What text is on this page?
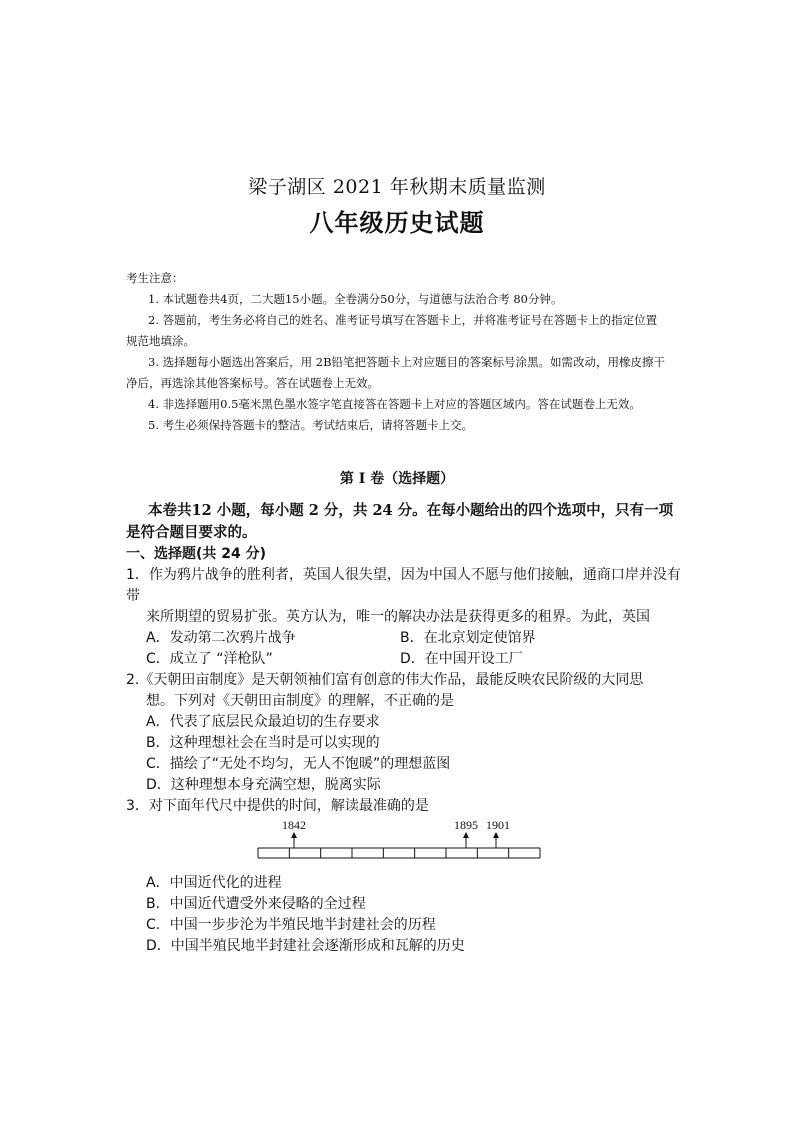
梁子湖区 2021 年秋期末质量监测
八年级历史试题

考生注意：

1. 本试题卷共4页，二大题15小题。全卷满分50分，与道德与法治合考 80分钟。

2. 答题前，考生务必将自己的姓名、准考证号填写在答题卡上，并将准考证号在答题卡上的指定位置规范地填涂。

3. 选择题每小题选出答案后，用 2B铅笔把答题卡上对应题目的答案标号涂黑。如需改动，用橡皮擦干净后，再选涂其他答案标号。答在试题卷上无效。

4. 非选择题用0.5毫米黑色墨水签字笔直接答在答题卡上对应的答题区域内。答在试题卷上无效。

5. 考生必须保持答题卡的整洁。考试结束后，请将答题卡上交。

第 I 卷（选择题）

本卷共12 小题，每小题 2 分，共 24 分。在每小题给出的四个选项中，只有一项是符合题目要求的。

一、选择题(共 24 分)

1．作为鸦片战争的胜利者，英国人很失望，因为中国人不愿与他们接触，通商口岸并没有带

来所期望的贸易扩张。英方认为，唯一的解决办法是获得更多的租界。为此，英国

A．发动第二次鸦片战争	B．在北京划定使馆界
C．成立了 “洋枪队”	D．在中国开设工厂

2.《天朝田亩制度》是天朝领袖们富有创意的伟大作品，最能反映农民阶级的大同思

想。下列对《天朝田亩制度》的理解，不正确的是

A．代表了底层民众最迫切的生存要求

B．这种理想社会在当时是可以实现的

C．描绘了“无处不均匀，无人不饱暖”的理想蓝图

D．这种理想本身充满空想，脱离实际

3．对下面年代尺中提供的时间，解读最准确的是

1842	1895 1901

A．中国近代化的进程

B．中国近代遭受外来侵略的全过程

C．中国一步步沦为半殖民地半封建社会的历程

D．中国半殖民地半封建社会逐渐形成和瓦解的历史
